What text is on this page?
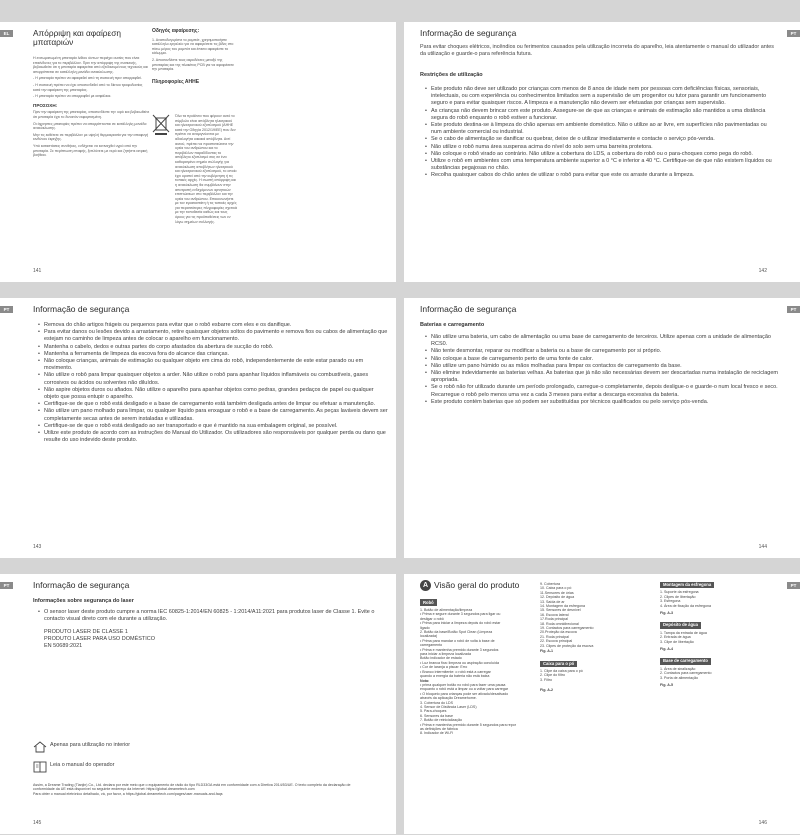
EL	Απόρριψη και αφαίρεση μπαταριών

Η ενσωματωμένη μπαταρία λιθίου ιόντων περιέχει ουσίες που είναι επικίνδυνες για το περιβάλλον. Πριν την απόρριψη της συσκευής, βεβαιωθείτε ότι η μπαταρία αφαιρείται από εξειδικευμένους τεχνικούς και απορρίπτεται σε κατάλληλη μονάδα ανακύκλωσης.

- Η μπαταρία πρέπει να αφαιρεθεί από τη συσκευή πριν απορριφθεί.

- Η συσκευή πρέπει να έχει αποσυνδεθεί από το δίκτυο τροφοδοσίας κατά την αφαίρεση της μπαταρίας.

- Η μπαταρία πρέπει να απορριφθεί με ασφάλεια.

ΠΡΟΣΟΧΗ:

Πριν την αφαίρεση της μπαταρίας, αποσυνδέστε την υιρό και βεβαιωθείτε ότι μπαταρία έχει το δυνατόν εκφορτισμένη.

Οι άχρηστες μπαταρίες πρέπει να απορρίπτονται σε κατάλληλη μονάδα ανακύκλωσης.

Μην τις εκθέτετε σε περιβάλλον με υψηλή θερμοκρασία για την αποφυγή κινδύνου έκρηξης.

Υπό καταστάσεις συνθήκες, ενδέχεται να εκτιναχθεί υγρό από την μπαταρία. Σε περίπτωση επαφής, ξεπλύνετε με νερό και ζητήστε ιατρική βοήθεια.

Οδηγός αφαίρεσης:

1. Αναποδογυρίστε το ρομπότ, χρησιμοποιήστε κατάλληλο εργαλείο για να αφαιρέσετε τις βίδες στο πίσω μέρος του ρομπότ και έπειτα αφαιρέστε το κάλυμμα.

2. Αποσυνδέστε τους ακροδέκτες μεταξύ της μπαταρίας και της πλακέτας PCB για να αφαιρέσετε την μπαταρία.

Πληροφορίες ΑΗΗΕ

Όλα τα προϊόντα που φέρουν αυτό το σύμβολο είναι απόβλητα ηλεκτρικού και ηλεκτρονικού εξοπλισμού (ΑΗΗΕ κατά την Οδηγία 2012/19/ΕΕ) που δεν πρέπει να αναμιγνύονται με αδιαλογήτα οικιακά απόβλητα. Αντί αυτού, πρέπει να προστατεύσετε την υγεία του ανθρώπου και το περιβάλλον παραδίδοντας το απόβλητο εξοπλισμό σας σε ένα καθορισμένο σημείο συλλογής για ανακύκλωση αποβλήτων ηλεκτρικού και ηλεκτρονικού εξοπλισμού, το οποίο έχει οριστεί από την κυβέρνηση ή τις τοπικές αρχές. Η σωστή απόρριψη και η ανακύκλωση θα συμβάλουν στην αποτροπή ενδεχόμενων αρνητικών επιπτώσεων στο περιβάλλον και την υγεία του ανθρώπου. Επικοινωνήστε με τον εγκαταστάτη ή τις τοπικές αρχές για περισσότερες πληροφορίες σχετικά με την τοποθεσία καθώς και τους όρους για τις προϋποθέσεις των εν λόγω σημείων συλλογής.
141
PT
Informação de segurança
Para evitar choques elétricos, incêndios ou ferimentos causados pela utilização incorreta do aparelho, leia atentamente o manual do utilizador antes da utilização e guarde-o para referência futura.
Restrições de utilização
• Este produto não deve ser utilizado por crianças com menos de 8 anos de idade nem por pessoas com deficiências físicas, sensoriais, intelectuais, ou com experiência ou conhecimentos limitados sem a supervisão de um progenitor ou tutor para garantir um funcionamento seguro e para evitar quaisquer riscos. A limpeza e a manutenção não devem ser efetuadas por crianças sem supervisão.
• As crianças não devem brincar com este produto. Assegure-se de que as crianças e animais de estimação são mantidos a uma distância segura do robô enquanto o robô estiver a funcionar.
• Este produto destina-se à limpeza do chão apenas em ambiente doméstico. Não o utilize ao ar livre, em superfícies não pavimentadas ou num ambiente comercial ou industrial.
• Se o cabo de alimentação se danificar ou quebrar, deixe de o utilizar imediatamente e contacte o serviço pós-venda.
• Não utilize o robô numa área suspensa acima do nível do solo sem uma barreira protetora.
• Não coloque o robô virado ao contrário. Não utilize a cobertura do LDS, a cobertura do robô ou o para-choques como pega do robô.
• Utilize o robô em ambientes com uma temperatura ambiente superior a 0 °C e inferior a 40 °C. Certifique-se de que não existem líquidos ou substâncias pegajosas no chão.
• Recolha quaisquer cabos do chão antes de utilizar o robô para evitar que este os arraste durante a limpeza.
142
PT	Informação de segurança
• Remova do chão artigos frágeis ou pequenos para evitar que o robô esbarre com eles e os danifique.
• Para evitar danos ou lesões devido a arrastamento, retire quaisquer objetos soltos do pavimento e remova fios ou cabos de alimentação que estejam no caminho de limpeza antes de colocar o aparelho em funcionamento.
• Mantenha o cabelo, dedos e outras partes do corpo afastados da abertura de sucção do robô.
• Mantenha a ferramenta de limpeza da escova fora do alcance das crianças.
• Não coloque crianças, animais de estimação ou qualquer objeto em cima do robô, independentemente de este estar parado ou em movimento.
• Não utilize o robô para limpar quaisquer objetos a arder. Não utilize o robô para apanhar líquidos inflamáveis ou combustíveis, gases corrosivos ou ácidos ou solventes não diluídos.
• Não aspire objetos duros ou afiados. Não utilize o aparelho para apanhar objetos como pedras, grandes pedaços de papel ou qualquer objeto que possa entupir o aparelho.
• Certifique-se de que o robô está desligado e a base de carregamento está também desligada antes de limpar ou efetuar a manutenção.
• Não utilize um pano molhado para limpar, ou qualquer líquido para enxaguar o robô e a base de carregamento. As peças laváveis devem ser completamente secas antes de serem instaladas e utilizadas.
• Certifique-se de que o robô está desligado ao ser transportado e que é mantido na sua embalagem original, se possível.
• Utilize este produto de acordo com as instruções do Manual do Utilizador. Os utilizadores são responsáveis por qualquer perda ou dano que resulte do uso indevido deste produto.
143
PT
Informação de segurança
Baterias e carregamento
• Não utilize uma bateria, um cabo de alimentação ou uma base de carregamento de terceiros. Utilize apenas com a unidade de alimentação RCS0.
• Não tente desmontar, reparar ou modificar a bateria ou a base de carregamento por si próprio.
• Não coloque a base de carregamento perto de uma fonte de calor.
• Não utilize um pano húmido ou as mãos molhadas para limpar os contactos de carregamento da base.
• Não elimine indevidamente as baterias velhas. As baterias que já não são necessárias devem ser descartadas numa instalação de reciclagem apropriada.
• Se o robô não for utilizado durante um período prolongado, carregue-o completamente, depois desligue-o e guarde-o num local fresco e seco. Recarregue o robô pelo menos uma vez a cada 3 meses para evitar a descarga excessiva da bateria.
• Este produto contém baterias que só podem ser substituídas por técnicos qualificados ou pelo serviço pós-venda.
144
PT	Informação de segurança
Informações sobre segurança do laser
• O sensor laser deste produto cumpre a norma IEC 60825-1:2014/EN 60825 - 1:2014/A11:2021 para produtos laser de Classe 1. Evite o contacto visual direto com ele durante a utilização.
PRODUTO LASER DE CLASSE 1
PRODUTO LASER PARA USO DOMÉSTICO
EN 50689:2021
Apenas para utilização no interior
Leia o manual do operador
Assim, a Dreame Trading (Tianjin) Co., Ltd. declara por este meio que o equipamento de rádio do tipo RLD33GA está em conformidade com a Diretiva 2014/53/UE. O texto completo da declaração de conformidade da UE está disponível no seguinte endereço da Internet: https://global.dreametech.com
Para obter o manual eletrónico detalhado, vá, por favor, a https://global.dreametech.com/pages/user-manuals-and-faqs
145
PT
A Visão geral do produto
Robô
1. Botão de alimentação/limpeza
• Prima e segure durante 3 segundos para ligar ou
desligar o robô
• Prima para iniciar a limpeza depois do robô estar
ligado
2. Botão da base/Botão Spot Clean (Limpeza
localizada)
• Prima para mandar o robô de volta à base de
carregamento
• Prima e mantenha premido durante 3 segundos
para iniciar a limpeza localizada
Botão indicador de estado
• Luz branca fixa: limpeza ou aspiração concluída
• Cor de laranja a piscar: Erro
• Branco intermitente: o robô está a carregar
quando a energia da bateria não está baixa
Nota:
• prima qualquer botão no robô para fazer uma pausa
enquanto o robô está a limpar ou a voltar para carregar
• O bloqueio para crianças pode ser ativado/desativado
através da aplicação Dreamehome.
3. Cobertura do LDS
4. Sensor de Distância Laser (LDS)
5. Para-choques
6. Sensores da base
7. Botão de reinicialização
• Prima e mantenha premido durante 5 segundos para repor
as definições de fábrica
8. Indicador de Wi-Fi
9. Cobertura
10. Caixa para o pó
11.Sensores de órias
12. Depósito de água
13. Saída de ar
14. Montagem da esfregona
15. Sensores de desnível
16. Escova lateral
17.Roda principal
18. Roda omnidirecional
19. Contactos para carregamento
20.Proteção da escova
21. Roda principal
22. Escova principal
23. Clipes de proteção da escova
Fig. A-1
Caixa para o pó
1. Clipe da caixa para o pó
2. Clipe do filtro
3. Filtro
Fig. A-2
Montagem da esfregona
1. Suporte da esfregona
2. Clipes de libertação
3. Esfregona
4. Área de fixação da esfregona
Fig. A-3
Depósito de água
1. Tampa da entrada de água
2. Entrada de água
3. Clipe de libertação
Fig. A-4
Base de carregamento
1. Área de sinalização
2. Contactos para carregamento
3. Porta de alimentação
Fig. A-5
146
